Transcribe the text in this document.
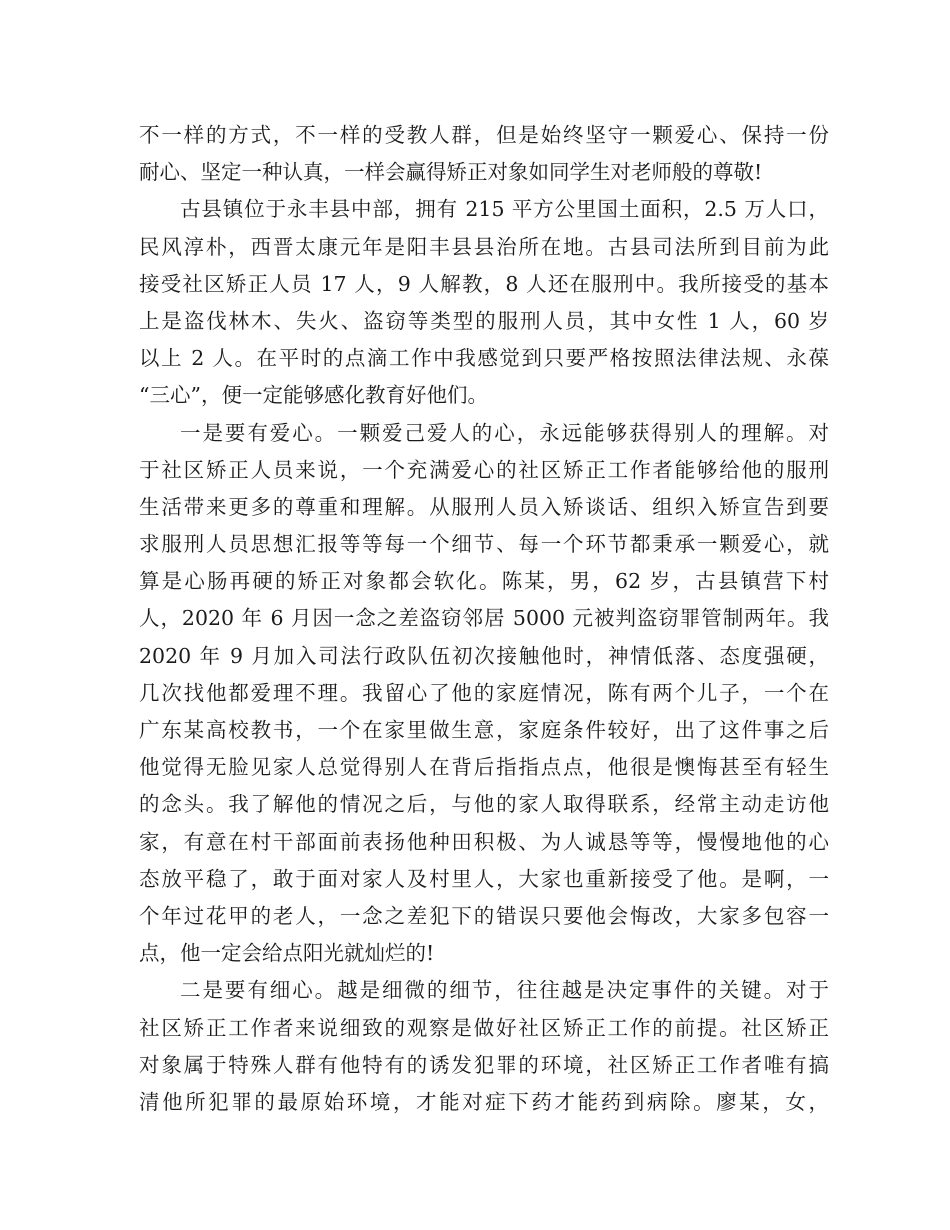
不一样的方式，不一样的受教人群，但是始终坚守一颗爱心、保持一份
耐心、坚定一种认真，一样会赢得矫正对象如同学生对老师般的尊敬!
古县镇位于永丰县中部，拥有 215 平方公里国土面积，2.5 万人口，
民风淳朴，西晋太康元年是阳丰县县治所在地。古县司法所到目前为此
接受社区矫正人员 17 人，9 人解教，8 人还在服刑中。我所接受的基本
上是盗伐林木、失火、盗窃等类型的服刑人员，其中女性 1 人，60 岁
以上 2 人。在平时的点滴工作中我感觉到只要严格按照法律法规、永葆
“三心”，便一定能够感化教育好他们。
一是要有爱心。一颗爱己爱人的心，永远能够获得别人的理解。对
于社区矫正人员来说，一个充满爱心的社区矫正工作者能够给他的服刑
生活带来更多的尊重和理解。从服刑人员入矫谈话、组织入矫宣告到要
求服刑人员思想汇报等等每一个细节、每一个环节都秉承一颗爱心，就
算是心肠再硬的矫正对象都会软化。陈某，男，62 岁，古县镇营下村
人，2020 年 6 月因一念之差盗窃邻居 5000 元被判盗窃罪管制两年。我
2020 年 9 月加入司法行政队伍初次接触他时，神情低落、态度强硬，
几次找他都爱理不理。我留心了他的家庭情况，陈有两个儿子，一个在
广东某高校教书，一个在家里做生意，家庭条件较好，出了这件事之后
他觉得无脸见家人总觉得别人在背后指指点点，他很是懊悔甚至有轻生
的念头。我了解他的情况之后，与他的家人取得联系，经常主动走访他
家，有意在村干部面前表扬他种田积极、为人诚恳等等，慢慢地他的心
态放平稳了，敢于面对家人及村里人，大家也重新接受了他。是啊，一
个年过花甲的老人，一念之差犯下的错误只要他会悔改，大家多包容一
点，他一定会给点阳光就灿烂的!
二是要有细心。越是细微的细节，往往越是决定事件的关键。对于
社区矫正工作者来说细致的观察是做好社区矫正工作的前提。社区矫正
对象属于特殊人群有他特有的诱发犯罪的环境，社区矫正工作者唯有搞
清他所犯罪的最原始环境，才能对症下药才能药到病除。廖某，女，
